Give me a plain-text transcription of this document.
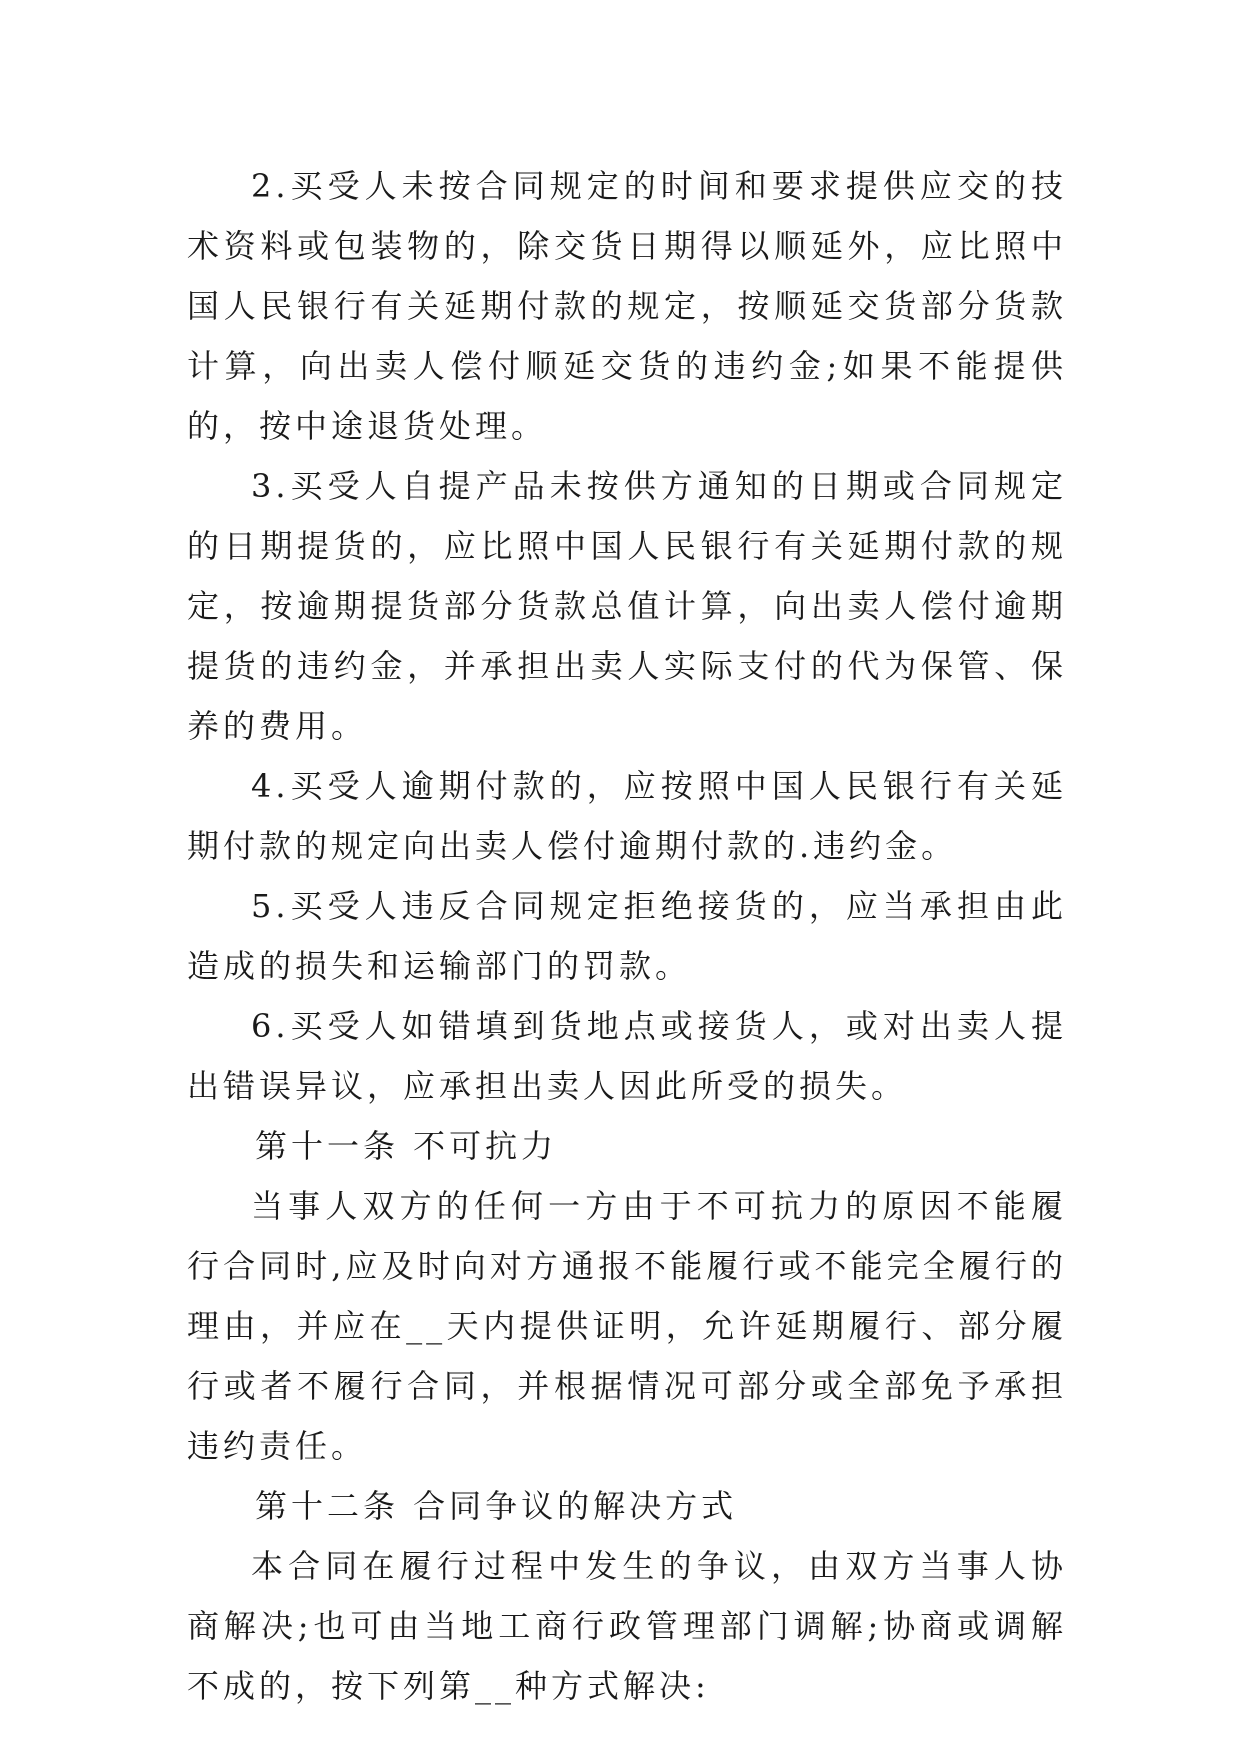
2.买受人未按合同规定的时间和要求提供应交的技术资料或包装物的，除交货日期得以顺延外，应比照中国人民银行有关延期付款的规定，按顺延交货部分货款计算，向出卖人偿付顺延交货的违约金;如果不能提供的，按中途退货处理。

3.买受人自提产品未按供方通知的日期或合同规定的日期提货的，应比照中国人民银行有关延期付款的规定，按逾期提货部分货款总值计算，向出卖人偿付逾期提货的违约金，并承担出卖人实际支付的代为保管、保养的费用。

4.买受人逾期付款的，应按照中国人民银行有关延期付款的规定向出卖人偿付逾期付款的.违约金。

5.买受人违反合同规定拒绝接货的，应当承担由此造成的损失和运输部门的罚款。

6.买受人如错填到货地点或接货人，或对出卖人提出错误异议，应承担出卖人因此所受的损失。

第十一条 不可抗力

当事人双方的任何一方由于不可抗力的原因不能履行合同时,应及时向对方通报不能履行或不能完全履行的理由，并应在__天内提供证明，允许延期履行、部分履行或者不履行合同，并根据情况可部分或全部免予承担违约责任。

第十二条 合同争议的解决方式

本合同在履行过程中发生的争议，由双方当事人协商解决;也可由当地工商行政管理部门调解;协商或调解不成的，按下列第__种方式解决:
